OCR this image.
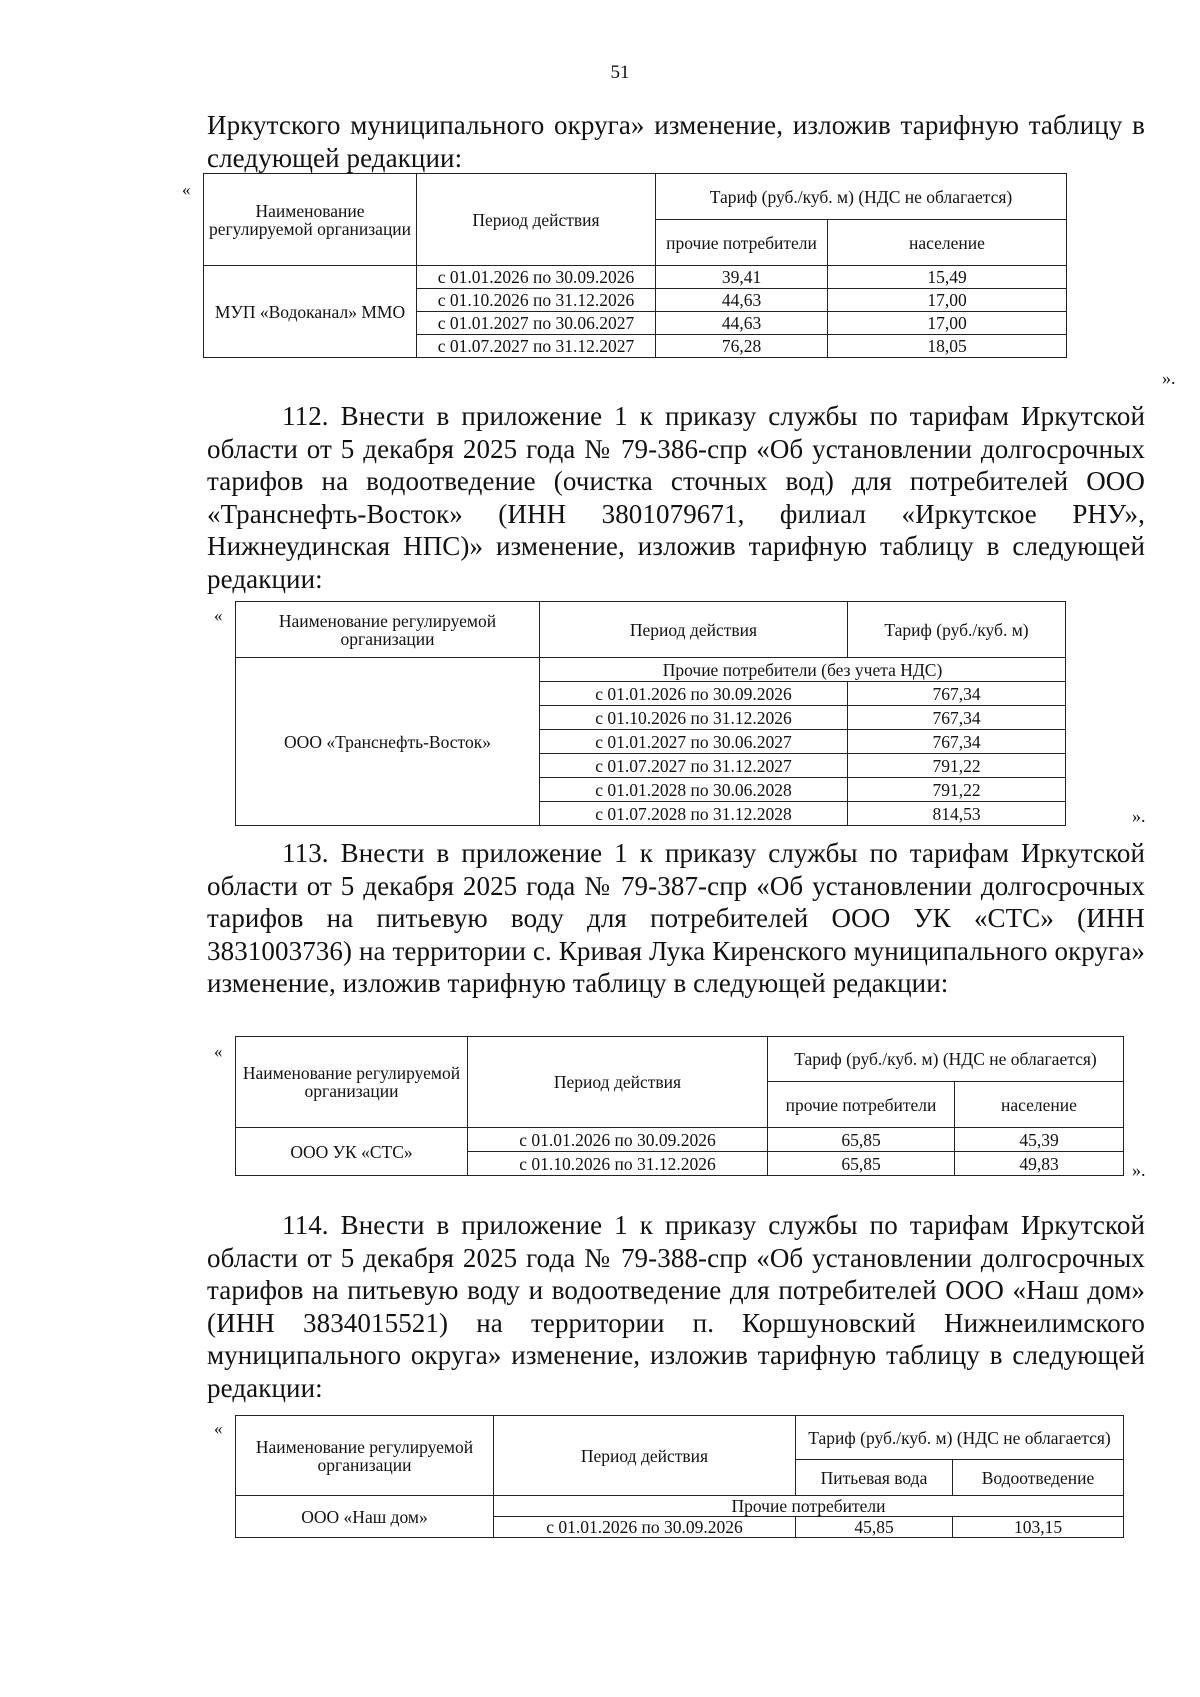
51

Иркутского муниципального округа» изменение, изложив тарифную таблицу в следующей редакции:

«
Наименование регулируемой организации	Период действия	Тариф (руб./куб. м) (НДС не облагается)	
		прочие потребители	население
МУП «Водоканал» ММО	с 01.01.2026 по 30.09.2026	39,41	15,49
	с 01.10.2026 по 31.12.2026	44,63	17,00
	с 01.01.2027 по 30.06.2027	44,63	17,00
	с 01.07.2027 по 31.12.2027	76,28	18,05
».

112. Внести в приложение 1 к приказу службы по тарифам Иркутской области от 5 декабря 2025 года № 79-386-спр «Об установлении долгосрочных тарифов на водоотведение (очистка сточных вод) для потребителей ООО «Транснефть-Восток» (ИНН 3801079671, филиал «Иркутское РНУ», Нижнеудинская НПС)» изменение, изложив тарифную таблицу в следующей редакции:

«	Наименование регулируемой организации	Период действия	Тариф (руб./куб. м)
ООО «Транснефть-Восток»	Прочие потребители (без учета НДС)	
	с 01.01.2026 по 30.09.2026	767,34
	с 01.10.2026 по 31.12.2026	767,34
	с 01.01.2027 по 30.06.2027	767,34
	с 01.07.2027 по 31.12.2027	791,22
	с 01.01.2028 по 30.06.2028	791,22
	с 01.07.2028 по 31.12.2028	814,53	».

113. Внести в приложение 1 к приказу службы по тарифам Иркутской области от 5 декабря 2025 года № 79-387-спр «Об установлении долгосрочных тарифов на питьевую воду для потребителей ООО УК «СТС» (ИНН 3831003736) на территории с. Кривая Лука Киренского муниципального округа» изменение, изложив тарифную таблицу в следующей редакции:

«
Наименование регулируемой организации	Период действия	Тариф (руб./куб. м) (НДС не облагается)	
		прочие потребители	население
ООО УК «СТС»	с 01.01.2026 по 30.09.2026	65,85	45,39
	с 01.10.2026 по 31.12.2026	65,85	49,83	».

114. Внести в приложение 1 к приказу службы по тарифам Иркутской области от 5 декабря 2025 года № 79-388-спр «Об установлении долгосрочных тарифов на питьевую воду и водоотведение для потребителей ООО «Наш дом» (ИНН 3834015521) на территории п. Коршуновский Нижнеилимского муниципального округа» изменение, изложив тарифную таблицу в следующей редакции:

«
Наименование регулируемой организации	Период действия	Тариф (руб./куб. м) (НДС не облагается)	
		Питьевая вода	Водоотведение
ООО «Наш дом»	Прочие потребители		
	с 01.01.2026 по 30.09.2026	45,85	103,15
